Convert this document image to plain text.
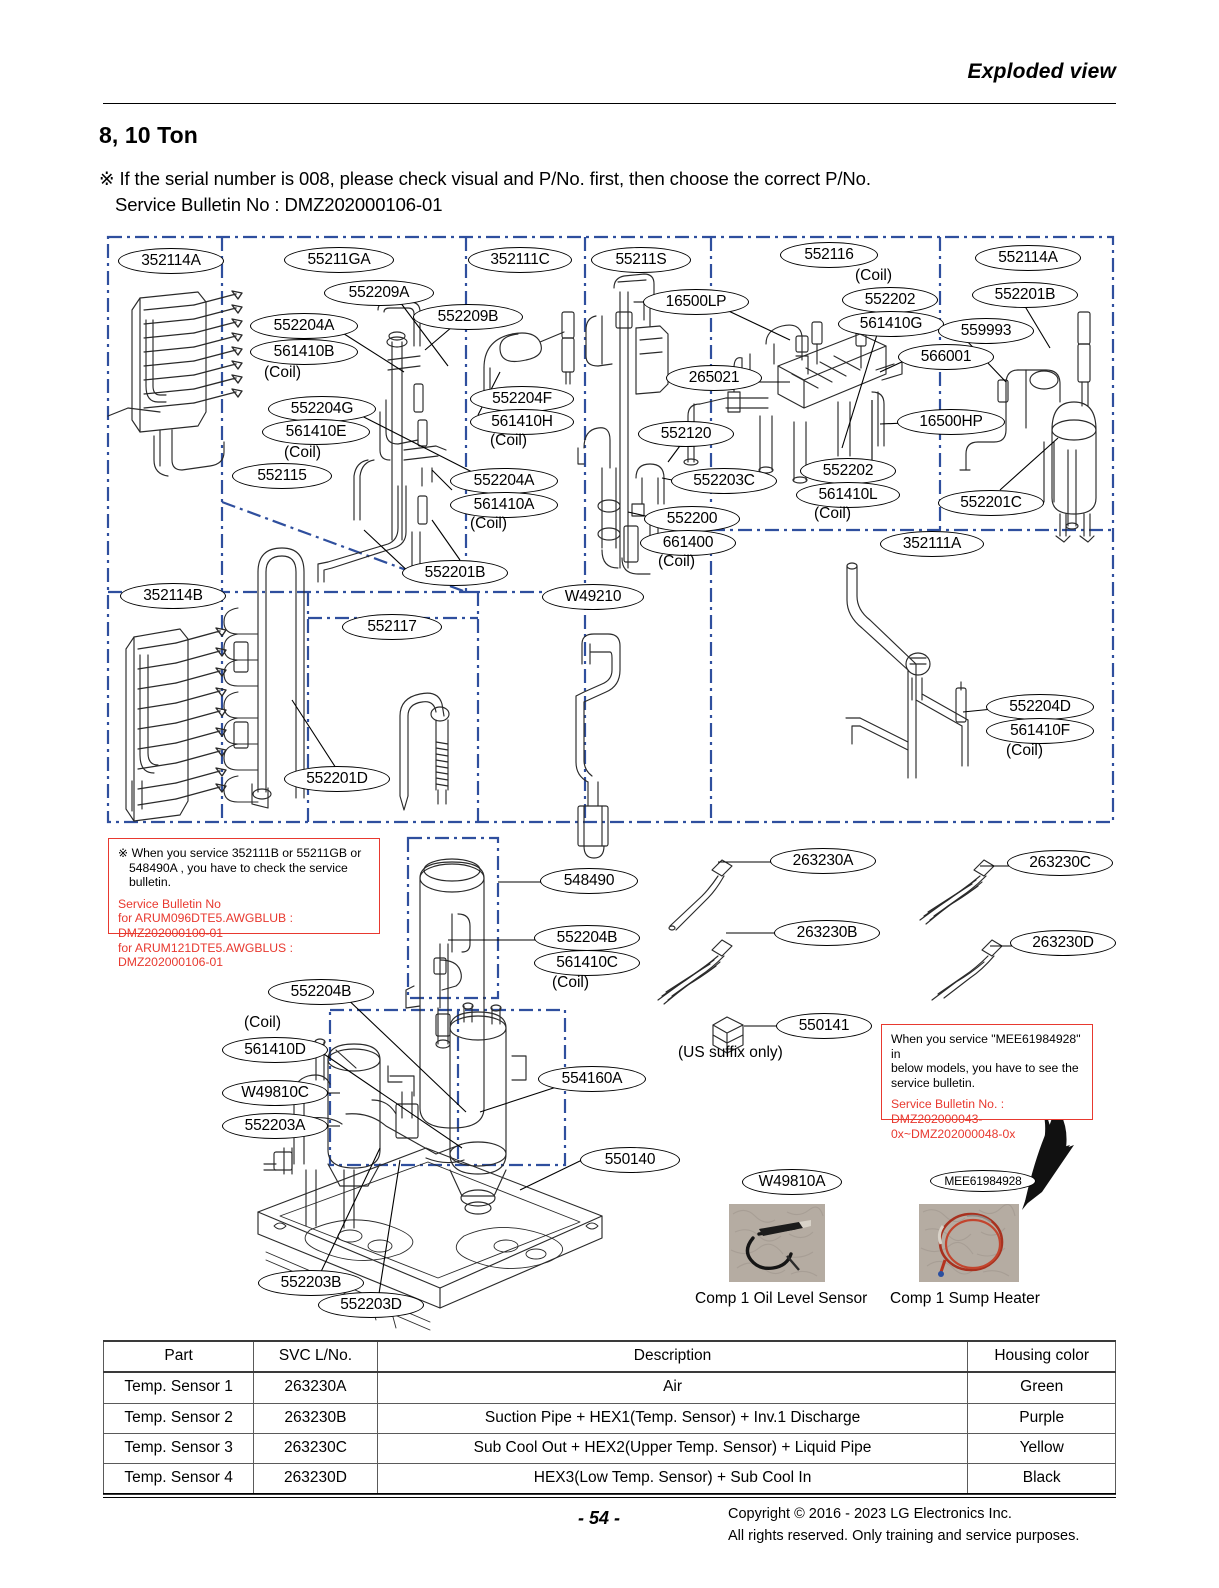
Exploded view
8, 10 Ton
※ If the serial number is 008, please check visual and P/No. first, then choose the correct P/No.
Service Bulletin No : DMZ202000106-01
352114A	55211GA
552209A
552209B
352111C	55211S	552116	552114A
16500LP	552202	552201B
561410G	559993
566001
265021
552204A
561410B
552204G
561410E
552115
552204F
561410H
552120
16500HP
552203C
552202
561410L	552201C
552204A
561410A
552200
661400	352111A
552201B
352114B
552117
W49210
552204D
561410F
552201D
548490
552204B
561410C
263230A	263230C
263230B
263230D
550141
552204B
561410D
W49810C
552203A
554160A
550140
552203B
552203D
W49810A	MEE61984928
(Coil)
(Coil)
(Coil)
(Coil)
(Coil)
(Coil)
(Coil)
(Coil)
(Coil)
(Coil)
(US suffix only)
※ When you service 352111B or 55211GB or
548490A , you have to check the service bulletin.
Service Bulletin No
for ARUM096DTE5.AWGBLUB : DMZ202000100-01
for ARUM121DTE5.AWGBLUS : DMZ202000106-01
When you service "MEE61984928" in
below models, you have to see the
service bulletin.
Service Bulletin No. :
DMZ202000043-0x~DMZ202000048-0x
Comp 1 Oil Level Sensor Comp 1 Sump Heater
Part	SVC L/No.	Description	Housing color
Temp. Sensor 1	263230A	Air	Green
Temp. Sensor 2	263230B	Suction Pipe + HEX1(Temp. Sensor) + Inv.1 Discharge	Purple
Temp. Sensor 3	263230C	Sub Cool Out + HEX2(Upper Temp. Sensor) + Liquid Pipe	Yellow
Temp. Sensor 4	263230D	HEX3(Low Temp. Sensor) + Sub Cool In	Black
- 54 -	Copyright © 2016 - 2023 LG Electronics Inc.
All rights reserved. Only training and service purposes.
